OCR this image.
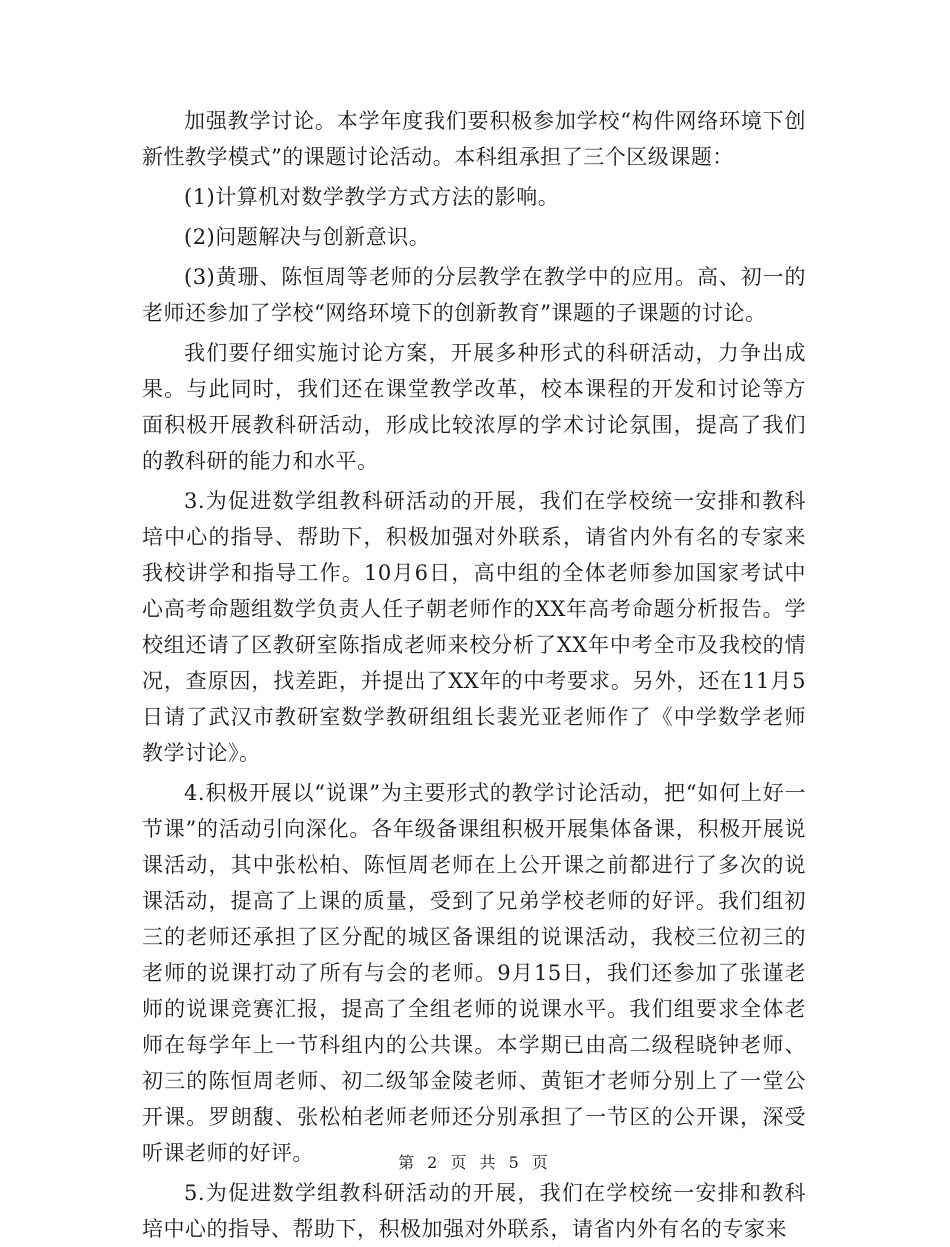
加强教学讨论。本学年度我们要积极参加学校“构件网络环境下创新性教学模式”的课题讨论活动。本科组承担了三个区级课题：

(1)计算机对数学教学方式方法的影响。

(2)问题解决与创新意识。

(3)黄珊、陈恒周等老师的分层教学在教学中的应用。高、初一的老师还参加了学校“网络环境下的创新教育”课题的子课题的讨论。

我们要仔细实施讨论方案，开展多种形式的科研活动，力争出成果。与此同时，我们还在课堂教学改革，校本课程的开发和讨论等方面积极开展教科研活动，形成比较浓厚的学术讨论氛围，提高了我们的教科研的能力和水平。

3.为促进数学组教科研活动的开展，我们在学校统一安排和教科培中心的指导、帮助下，积极加强对外联系，请省内外有名的专家来我校讲学和指导工作。10月6日，高中组的全体老师参加国家考试中心高考命题组数学负责人任子朝老师作的XX年高考命题分析报告。学校组还请了区教研室陈指成老师来校分析了XX年中考全市及我校的情况，查原因，找差距，并提出了XX年的中考要求。另外，还在11月5日请了武汉市教研室数学教研组组长裴光亚老师作了《中学数学老师教学讨论》。

4.积极开展以“说课”为主要形式的教学讨论活动，把“如何上好一节课”的活动引向深化。各年级备课组积极开展集体备课，积极开展说课活动，其中张松柏、陈恒周老师在上公开课之前都进行了多次的说课活动，提高了上课的质量，受到了兄弟学校老师的好评。我们组初三的老师还承担了区分配的城区备课组的说课活动，我校三位初三的老师的说课打动了所有与会的老师。9月15日，我们还参加了张谨老师的说课竞赛汇报，提高了全组老师的说课水平。我们组要求全体老师在每学年上一节科组内的公共课。本学期已由高二级程晓钟老师、初三的陈恒周老师、初二级邹金陵老师、黄钜才老师分别上了一堂公开课。罗朗馥、张松柏老师老师还分别承担了一节区的公开课，深受听课老师的好评。

5.为促进数学组教科研活动的开展，我们在学校统一安排和教科培中心的指导、帮助下，积极加强对外联系，请省内外有名的专家来

第 2 页 共 5 页
